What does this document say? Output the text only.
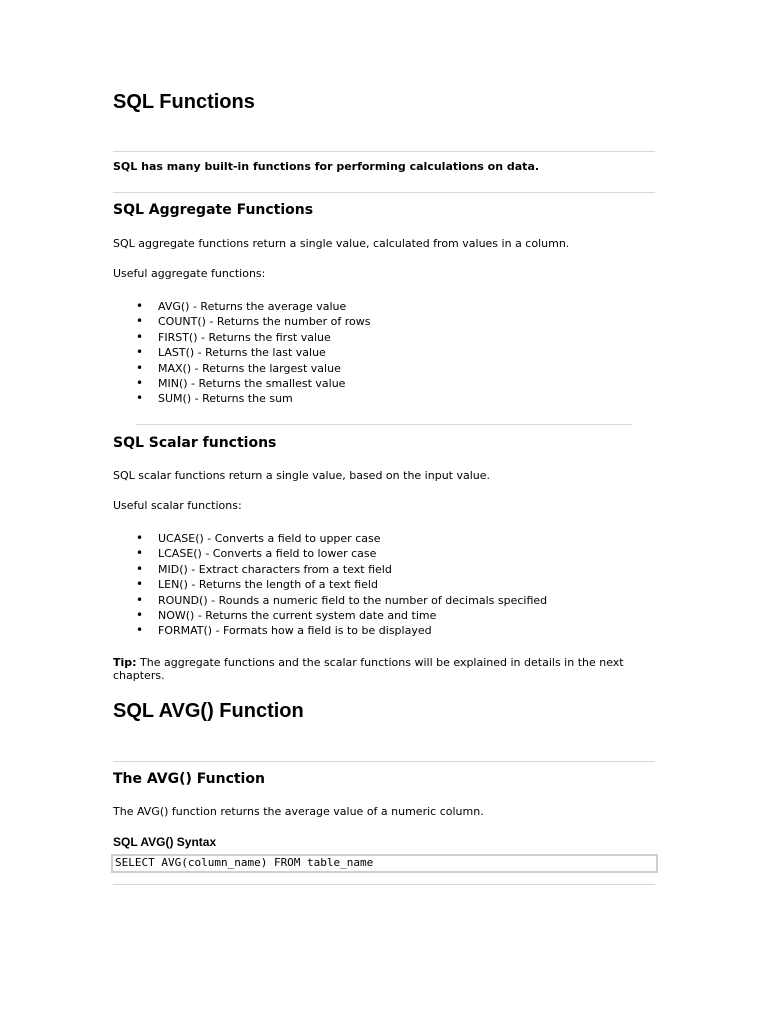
SQL Functions
SQL has many built-in functions for performing calculations on data.
SQL Aggregate Functions

SQL aggregate functions return a single value, calculated from values in a column.

Useful aggregate functions:

• AVG() - Returns the average value
• COUNT() - Returns the number of rows
• FIRST() - Returns the first value
• LAST() - Returns the last value
• MAX() - Returns the largest value
• MIN() - Returns the smallest value
• SUM() - Returns the sum
SQL Scalar functions

SQL scalar functions return a single value, based on the input value.

Useful scalar functions:

• UCASE() - Converts a field to upper case
• LCASE() - Converts a field to lower case
• MID() - Extract characters from a text field
• LEN() - Returns the length of a text field
• ROUND() - Rounds a numeric field to the number of decimals specified
• NOW() - Returns the current system date and time
• FORMAT() - Formats how a field is to be displayed
Tip: The aggregate functions and the scalar functions will be explained in details in the next
chapters.
SQL AVG() Function
The AVG() Function

The AVG() function returns the average value of a numeric column.

SQL AVG() Syntax
SELECT AVG(column_name) FROM table_name
